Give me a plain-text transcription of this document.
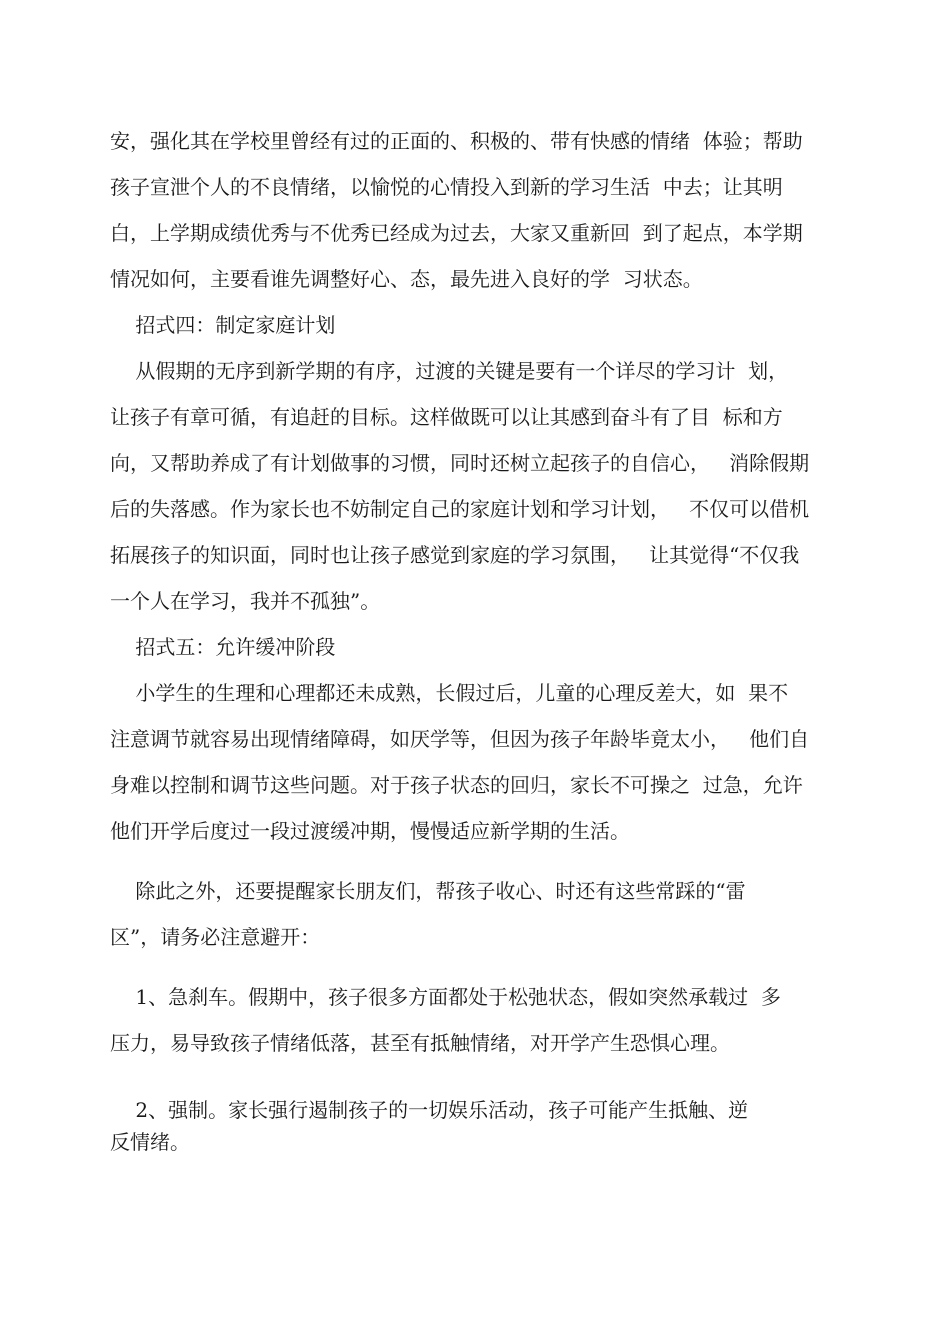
安，强化其在学校里曾经有过的正面的、积极的、带有快感的情绪  体验；帮助
孩子宣泄个人的不良情绪，以愉悦的心情投入到新的学习生活  中去；让其明
白，上学期成绩优秀与不优秀已经成为过去，大家又重新回  到了起点，本学期
情况如何，主要看谁先调整好心、态，最先进入良好的学  习状态。
招式四：制定家庭计划
从假期的无序到新学期的有序，过渡的关键是要有一个详尽的学习计  划，
让孩子有章可循，有追赶的目标。这样做既可以让其感到奋斗有了目  标和方
向，又帮助养成了有计划做事的习惯，同时还树立起孩子的自信心，   消除假期
后的失落感。作为家长也不妨制定自己的家庭计划和学习计划，   不仅可以借机
拓展孩子的知识面，同时也让孩子感觉到家庭的学习氛围，   让其觉得“不仅我
一个人在学习，我并不孤独”。
招式五：允许缓冲阶段
小学生的生理和心理都还未成熟，长假过后，儿童的心理反差大，如  果不
注意调节就容易出现情绪障碍，如厌学等，但因为孩子年龄毕竟太小，   他们自
身难以控制和调节这些问题。对于孩子状态的回归，家长不可操之  过急，允许
他们开学后度过一段过渡缓冲期，慢慢适应新学期的生活。
除此之外，还要提醒家长朋友们，帮孩子收心、时还有这些常踩的“雷
区”，请务必注意避开：
1、急刹车。假期中，孩子很多方面都处于松弛状态，假如突然承载过  多
压力，易导致孩子情绪低落，甚至有抵触情绪，对开学产生恐惧心理。
2、强制。家长强行遏制孩子的一切娱乐活动，孩子可能产生抵触、逆
反情绪。
